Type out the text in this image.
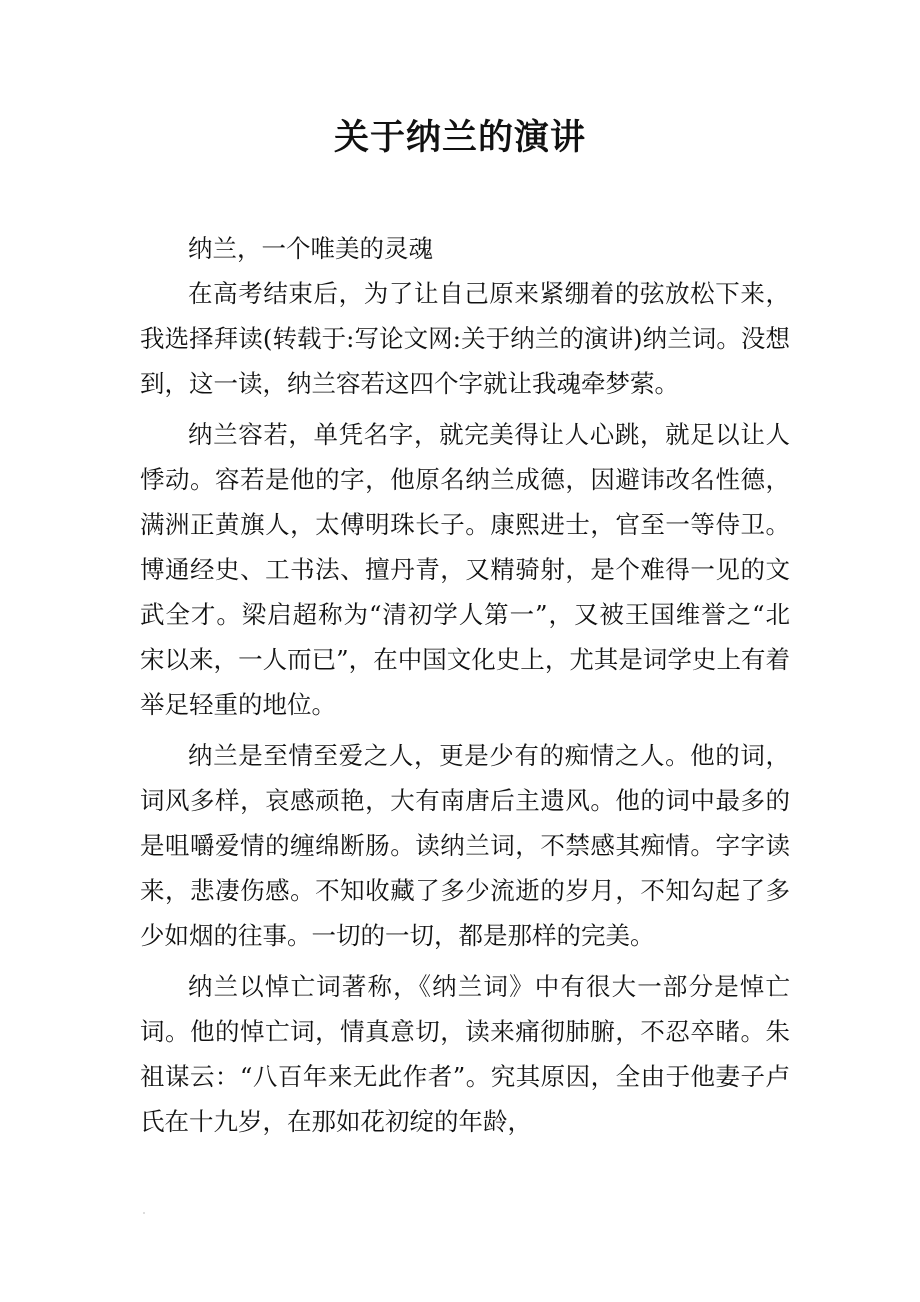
关于纳兰的演讲

纳兰，一个唯美的灵魂

在高考结束后，为了让自己原来紧绷着的弦放松下来，我选择拜读(转载于:写论文网:关于纳兰的演讲)纳兰词。没想到，这一读，纳兰容若这四个字就让我魂牵梦萦。

纳兰容若，单凭名字，就完美得让人心跳，就足以让人悸动。容若是他的字，他原名纳兰成德，因避讳改名性德，满洲正黄旗人，太傅明珠长子。康熙进士，官至一等侍卫。博通经史、工书法、擅丹青，又精骑射，是个难得一见的文武全才。梁启超称为“清初学人第一”，又被王国维誉之“北宋以来，一人而已”，在中国文化史上，尤其是词学史上有着举足轻重的地位。

纳兰是至情至爱之人，更是少有的痴情之人。他的词，词风多样，哀感顽艳，大有南唐后主遗风。他的词中最多的是咀嚼爱情的缠绵断肠。读纳兰词，不禁感其痴情。字字读来，悲凄伤感。不知收藏了多少流逝的岁月，不知勾起了多少如烟的往事。一切的一切，都是那样的完美。

纳兰以悼亡词著称，《纳兰词》中有很大一部分是悼亡词。他的悼亡词，情真意切，读来痛彻肺腑，不忍卒睹。朱祖谋云：“八百年来无此作者”。究其原因，全由于他妻子卢氏在十九岁，在那如花初绽的年龄，
